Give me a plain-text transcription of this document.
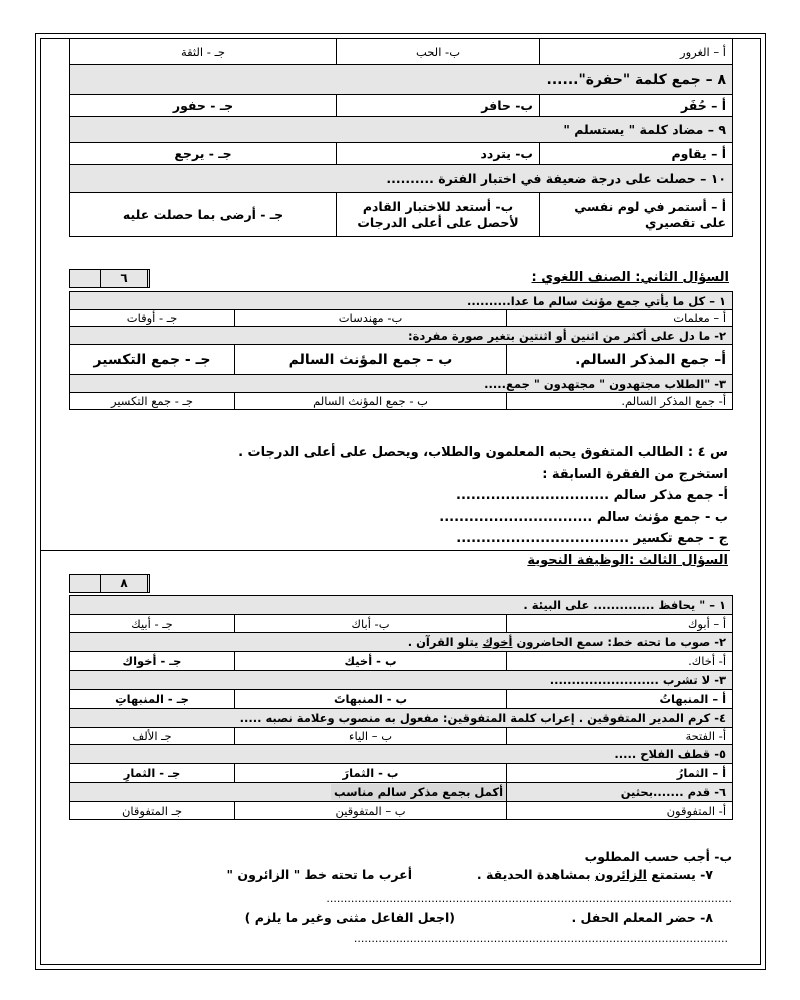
أ – الغرور	ب- الحب	جـ - الثقة
٨ – جمع كلمة "حفرة"......		
أ – حُفَر	ب- حافر	جـ - حفور
٩ – مضاد كلمة " يستسلم "		
أ – يقاوم	ب- يتردد	جـ - يرجع
١٠ – حصلت على درجة ضعيفة في اختبار الفترة ..........		
أ – أستمر في لوم نفسي على تقصيري	ب- أستعد للاختبار القادم لأحصل على أعلى الدرجات	جـ - أرضى بما حصلت عليه
٦	السؤال الثاني: الصنف اللغوي :
١ – كل ما يأتي جمع مؤنث سالم ما عدا..........		
أ – معلمات	ب- مهندسات	جـ - أوقات
٢- ما دل على أكثر من اثنين أو اثنتين بتغير صورة مفردة:		
أ– جمع المذكر السالم.	ب – جمع المؤنث السالم	جـ - جمع التكسير
٣- "الطلاب مجتهدون " مجتهدون " جمع.....		
أ- جمع المذكر السالم.	ب - جمع المؤنث السالم	جـ - جمع التكسير
س ٤ : الطالب المتفوق يحبه المعلمون والطلاب، ويحصل على أعلى الدرجات .
استخرج من الفقرة السابقة :
أ- جمع مذكر سالم ...............................
ب - جمع مؤنث سالم ...............................
ج - جمع تكسير ...................................
السؤال الثالث :الوظيفة النحوية
٨
١ – " يحافظ .............. على البيئة .		
أ – أبوك	ب- أباك	جـ - أبيك
٢- صوب ما تحته خط: سمع الحاضرون أخوك يتلو القرآن .		
أ- أخاك.	ب - أخيك	جـ - أخواك
٣- لا تشرب .........................		
أ – المنبهاتُ	ب - المنبهاتَ	جـ - المنبهاتِ
٤- كرم المدير المتفوقين . إعراب كلمة المتفوقين: مفعول به منصوب وعلامة نصبه .....		
أ- الفتحة	ب – الياء	جـ الألف
٥- قطف الفلاح .....		
أ – الثمارُ	ب - الثمارَ	جـ - الثمارِ
٦- قدم .......بحثين	أكمل بجمع مذكر سالم مناسب	
أ- المتفوقون	ب – المتفوقين	جـ المتفوقان
ب- أجب حسب المطلوب
٧- يستمتع الزائرون بمشاهدة الحديقة .
أعرب ما تحته خط " الزائرون "
....................................................................................................................
٨- حضر المعلم الحفل .
(اجعل الفاعل مثنى وغير ما يلزم )
...........................................................................................................
